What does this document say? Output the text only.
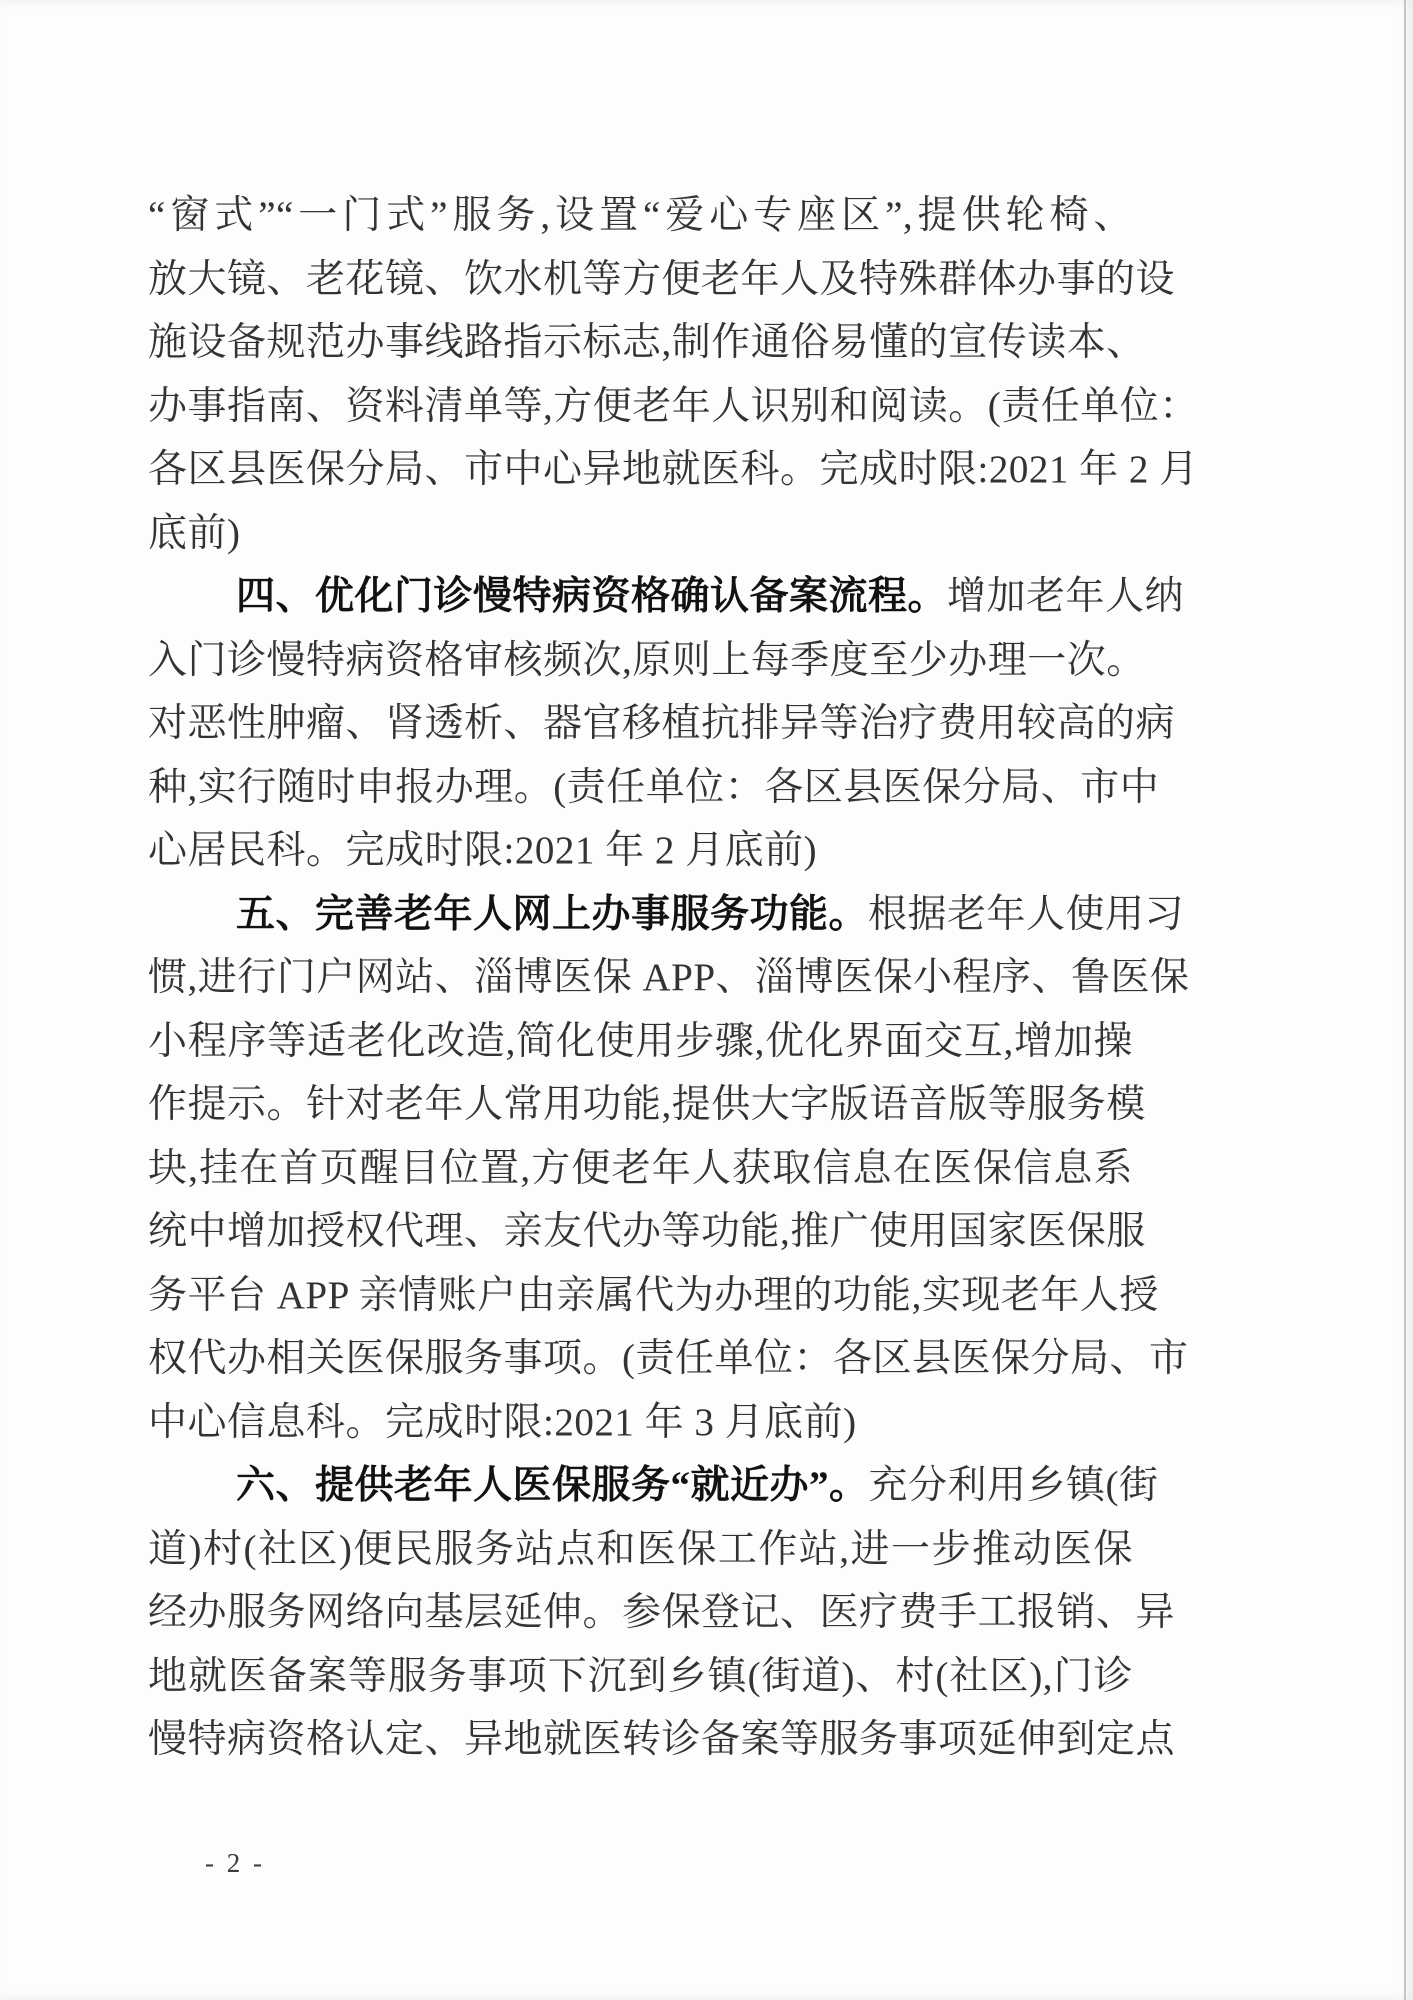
“窗式”“一门式”服务,设置“爱心专座区”,提供轮椅、
放大镜、老花镜、饮水机等方便老年人及特殊群体办事的设
施设备规范办事线路指示标志,制作通俗易懂的宣传读本、
办事指南、资料清单等,方便老年人识别和阅读。(责任单位：
各区县医保分局、市中心异地就医科。完成时限:2021 年 2 月
底前)
四、优化门诊慢特病资格确认备案流程。增加老年人纳
入门诊慢特病资格审核频次,原则上每季度至少办理一次。
对恶性肿瘤、肾透析、器官移植抗排异等治疗费用较高的病
种,实行随时申报办理。(责任单位：各区县医保分局、市中
心居民科。完成时限:2021 年 2 月底前)
五、完善老年人网上办事服务功能。根据老年人使用习
惯,进行门户网站、淄博医保 APP、淄博医保小程序、鲁医保
小程序等适老化改造,简化使用步骤,优化界面交互,增加操
作提示。针对老年人常用功能,提供大字版语音版等服务模
块,挂在首页醒目位置,方便老年人获取信息在医保信息系
统中增加授权代理、亲友代办等功能,推广使用国家医保服
务平台 APP 亲情账户由亲属代为办理的功能,实现老年人授
权代办相关医保服务事项。(责任单位：各区县医保分局、市
中心信息科。完成时限:2021 年 3 月底前)
六、提供老年人医保服务“就近办”。充分利用乡镇(街
道)村(社区)便民服务站点和医保工作站,进一步推动医保
经办服务网络向基层延伸。参保登记、医疗费手工报销、异
地就医备案等服务事项下沉到乡镇(街道)、村(社区),门诊
慢特病资格认定、异地就医转诊备案等服务事项延伸到定点
- 2 -
